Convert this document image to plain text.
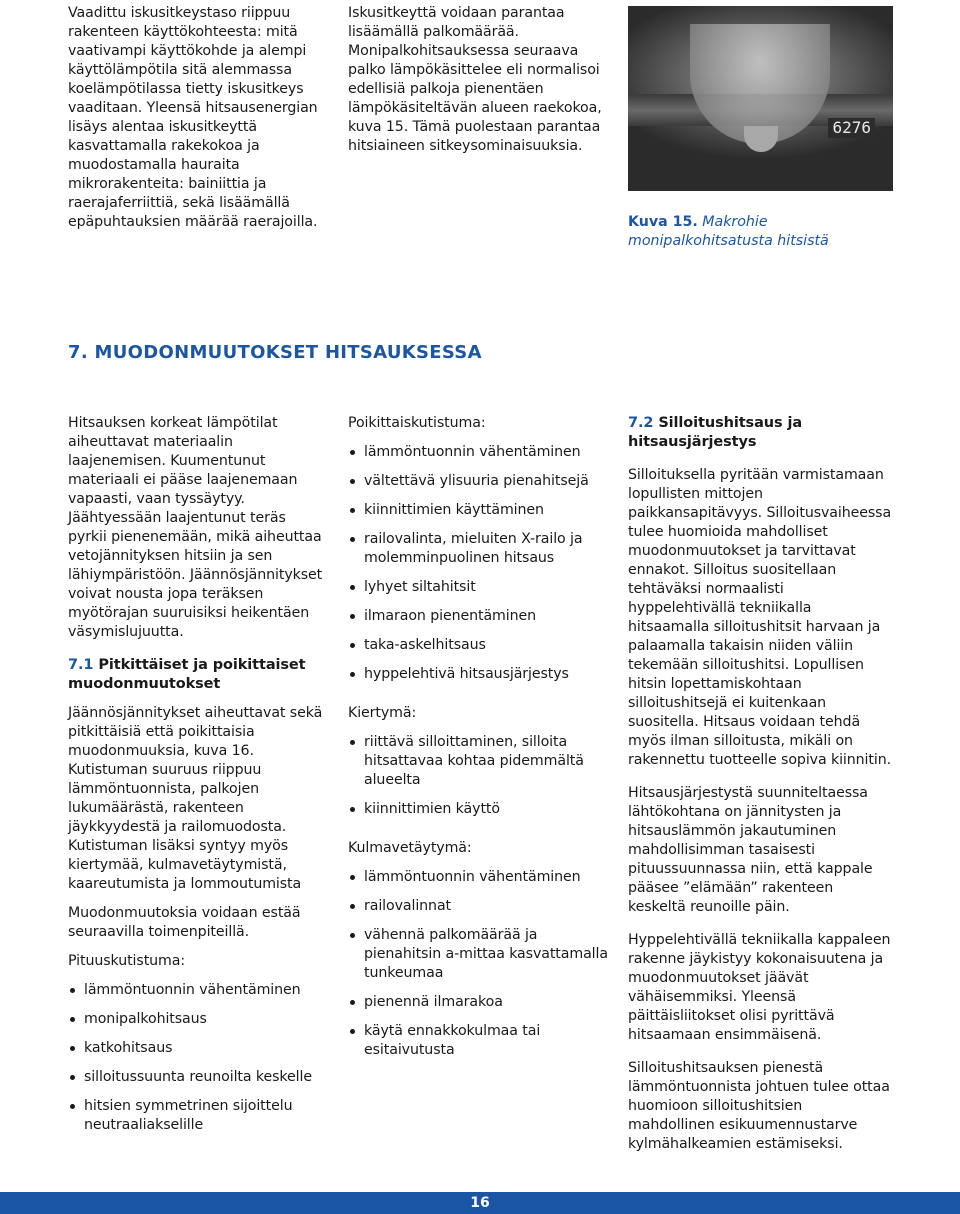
Vaadittu iskusitkeystaso riippuu rakenteen käyttökohteesta: mitä vaativampi käyttökohde ja alempi käyttölämpötila sitä alemmassa koelämpötilassa tietty iskusitkeys vaaditaan. Yleensä hitsausenergian lisäys alentaa iskusitkeyttä kasvattamalla rakekokoa ja muodostamalla hauraita mikrorakenteita: bainiittia ja raerajaferriittiä, sekä lisäämällä epäpuhtauksien määrää raerajoilla.

Iskusitkeyttä voidaan parantaa lisäämällä palkomäärää. Monipalkohitsauksessa seuraava palko lämpökäsittelee eli normalisoi edellisiä palkoja pienentäen lämpökäsiteltävän alueen raekokoa, kuva 15. Tämä puolestaan parantaa hitsiaineen sitkeysominaisuuksia.

6276
Kuva 15. Makrohie monipalkohitsatusta hitsistä
7. MUODONMUUTOKSET HITSAUKSESSA

Hitsauksen korkeat lämpötilat aiheuttavat materiaalin laajenemisen. Kuumentunut materiaali ei pääse laajenemaan vapaasti, vaan tyssäytyy. Jäähtyessään laajentunut teräs pyrkii pienenemään, mikä aiheuttaa vetojännityksen hitsiin ja sen lähiympäristöön. Jäännösjännitykset voivat nousta jopa teräksen myötörajan suuruisiksi heikentäen väsymislujuutta.

7.1 Pitkittäiset ja poikittaiset muodonmuutokset

Jäännösjännitykset aiheuttavat sekä pitkittäisiä että poikittaisia muodonmuuksia, kuva 16. Kutistuman suuruus riippuu lämmöntuonnista, palkojen lukumäärästä, rakenteen jäykkyydestä ja railomuodosta. Kutistuman lisäksi syntyy myös kiertymää, kulmavetäytymistä, kaareutumista ja lommoutumista

Muodonmuutoksia voidaan estää seuraavilla toimenpiteillä.

Pituuskutistuma:

lämmöntuonnin vähentäminen
monipalkohitsaus
katkohitsaus
silloitussuunta reunoilta keskelle
hitsien symmetrinen sijoittelu neutraaliakselille

Poikittaiskutistuma:

lämmöntuonnin vähentäminen
vältettävä ylisuuria pienahitsejä
kiinnittimien käyttäminen
railovalinta, mieluiten X-railo ja molemminpuolinen hitsaus
lyhyet siltahitsit
ilmaraon pienentäminen
taka-askelhitsaus
hyppelehtivä hitsausjärjestys

Kiertymä:

riittävä silloittaminen, silloita hitsattavaa kohtaa pidemmältä alueelta
kiinnittimien käyttö

Kulmavetäytymä:

lämmöntuonnin vähentäminen
railovalinnat
vähennä palkomäärää ja pienahitsin a-mittaa kasvattamalla tunkeumaa
pienennä ilmarakoa
käytä ennakkokulmaa tai esitaivutusta

7.2 Silloitushitsaus ja hitsausjärjestys

Silloituksella pyritään varmistamaan lopullisten mittojen paikkansapitävyys. Silloitusvaiheessa tulee huomioida mahdolliset muodonmuutokset ja tarvittavat ennakot. Silloitus suositellaan tehtäväksi normaalisti hyppelehtivällä tekniikalla hitsaamalla silloitushitsit harvaan ja palaamalla takaisin niiden väliin tekemään silloitushitsi. Lopullisen hitsin lopettamiskohtaan silloitushitsejä ei kuitenkaan suositella. Hitsaus voidaan tehdä myös ilman silloitusta, mikäli on rakennettu tuotteelle sopiva kiinnitin.

Hitsausjärjestystä suunniteltaessa lähtökohtana on jännitysten ja hitsauslämmön jakautuminen mahdollisimman tasaisesti pituussuunnassa niin, että kappale pääsee ”elämään” rakenteen keskeltä reunoille päin.

Hyppelehtivällä tekniikalla kappaleen rakenne jäykistyy kokonaisuutena ja muodonmuutokset jäävät vähäisemmiksi. Yleensä päittäisliitokset olisi pyrittävä hitsaamaan ensimmäisenä.

Silloitushitsauksen pienestä lämmöntuonnista johtuen tulee ottaa huomioon silloitushitsien mahdollinen esikuumennustarve kylmähalkeamien estämiseksi.

16
